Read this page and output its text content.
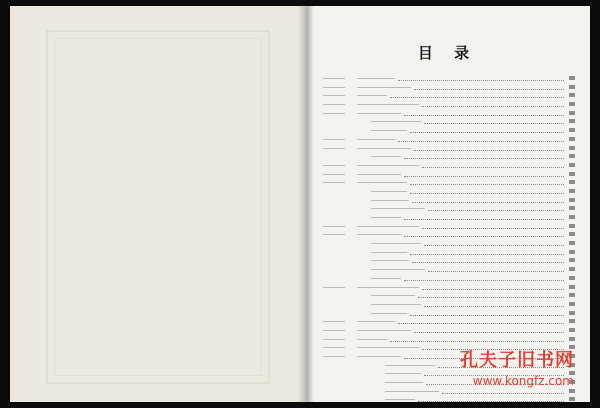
目 录
孔夫子旧书网
www.kongfz.com
